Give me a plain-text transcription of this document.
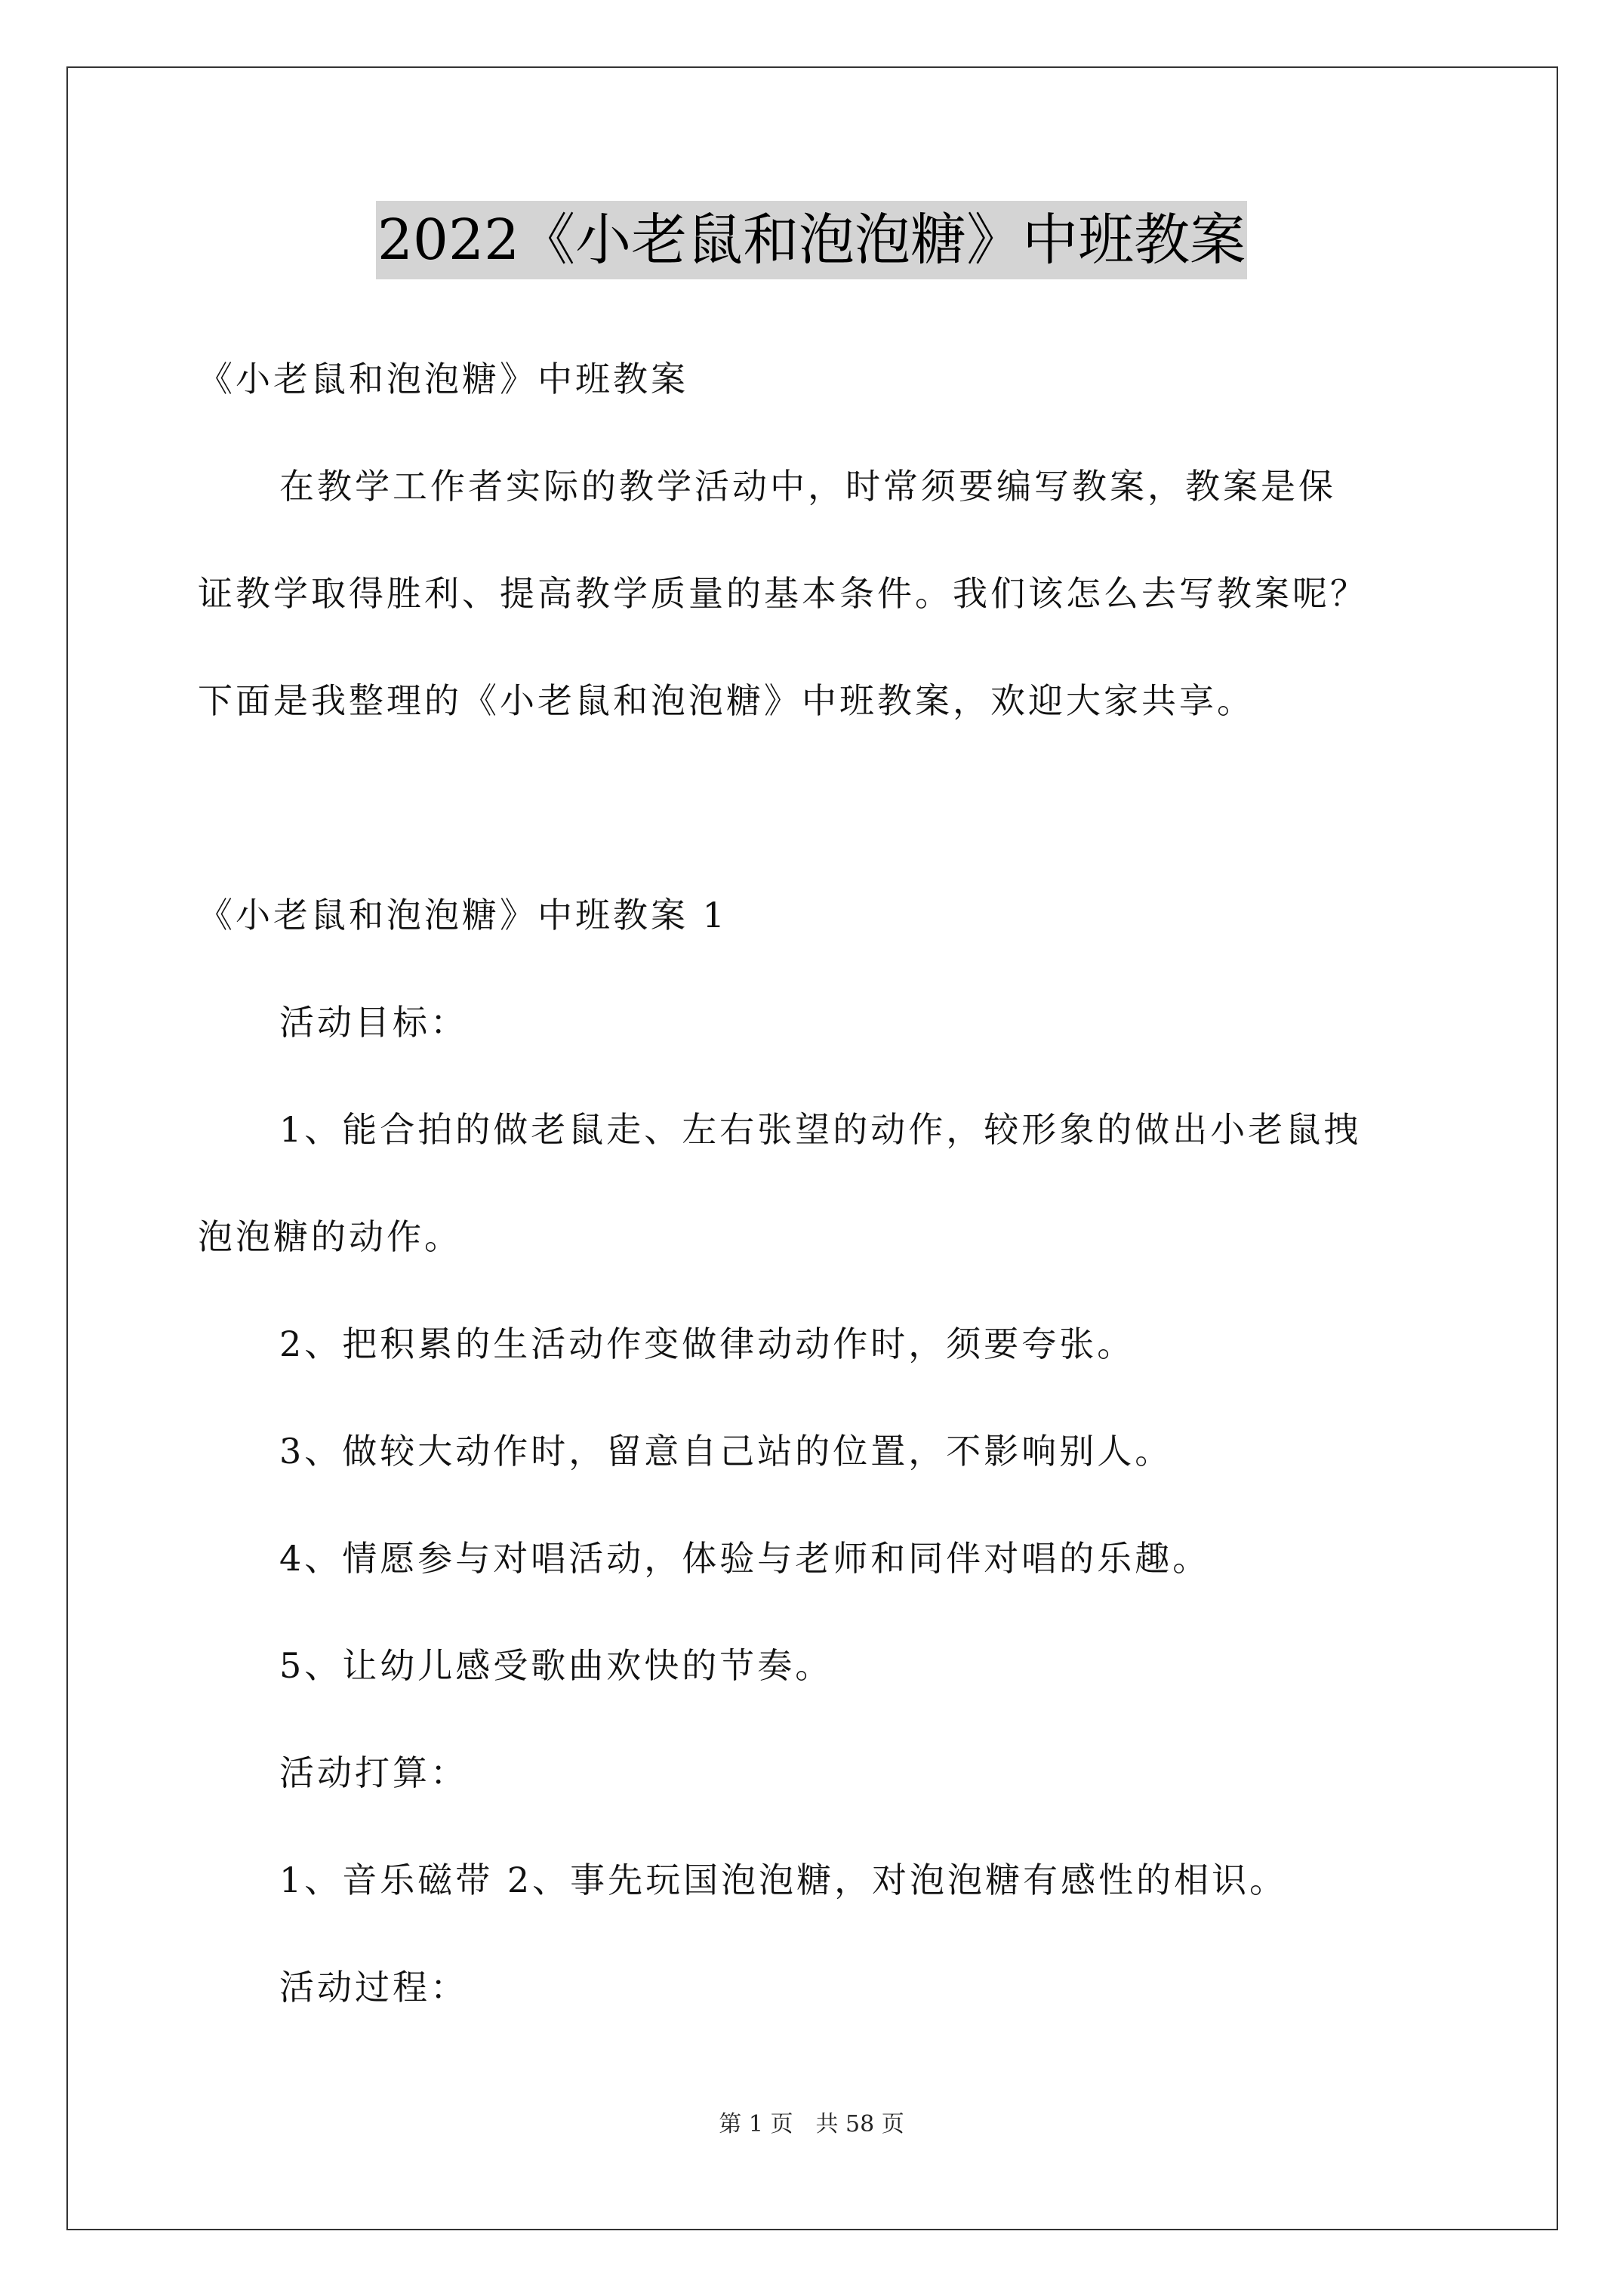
2022《小老鼠和泡泡糖》中班教案
《小老鼠和泡泡糖》中班教案
在教学工作者实际的教学活动中，时常须要编写教案，教案是保
证教学取得胜利、提高教学质量的基本条件。我们该怎么去写教案呢？
下面是我整理的《小老鼠和泡泡糖》中班教案，欢迎大家共享。
《小老鼠和泡泡糖》中班教案 1
活动目标：
1、能合拍的做老鼠走、左右张望的动作，较形象的做出小老鼠拽
泡泡糖的动作。
2、把积累的生活动作变做律动动作时，须要夸张。
3、做较大动作时，留意自己站的位置，不影响别人。
4、情愿参与对唱活动，体验与老师和同伴对唱的乐趣。
5、让幼儿感受歌曲欢快的节奏。
活动打算：
1、音乐磁带 2、事先玩国泡泡糖，对泡泡糖有感性的相识。
活动过程：
第 1 页　共 58 页
